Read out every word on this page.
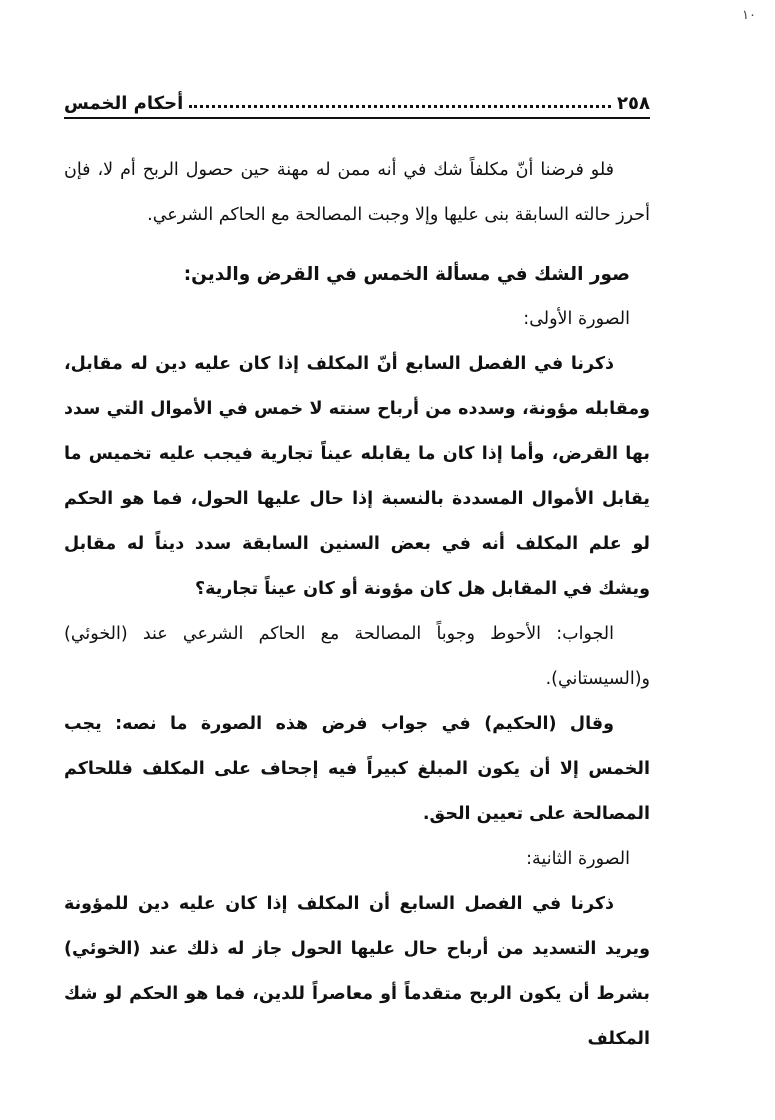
١٠
٢٥٨
أحكام الخمس

فلو فرضنا أنّ مكلفاً شك في أنه ممن له مهنة حين حصول الربح أم لا، فإن أحرز حالته السابقة بنى عليها وإلا وجبت المصالحة مع الحاكم الشرعي.

صور الشك في مسألة الخمس في القرض والدين:

الصورة الأولى:

ذكرنا في الفصل السابع أنّ المكلف إذا كان عليه دين له مقابل، ومقابله مؤونة، وسدده من أرباح سنته لا خمس في الأموال التي سدد بها القرض، وأما إذا كان ما يقابله عيناً تجارية فيجب عليه تخميس ما يقابل الأموال المسددة بالنسبة إذا حال عليها الحول، فما هو الحكم لو علم المكلف أنه في بعض السنين السابقة سدد ديناً له مقابل ويشك في المقابل هل كان مؤونة أو كان عيناً تجارية؟

الجواب: الأحوط وجوباً المصالحة مع الحاكم الشرعي عند (الخوئي) و(السيستاني).

وقال (الحكيم) في جواب فرض هذه الصورة ما نصه: يجب الخمس إلا أن يكون المبلغ كبيراً فيه إجحاف على المكلف فللحاكم المصالحة على تعيين الحق.

الصورة الثانية:

ذكرنا في الفصل السابع أن المكلف إذا كان عليه دين للمؤونة ويريد التسديد من أرباح حال عليها الحول جاز له ذلك عند (الخوئي) بشرط أن يكون الربح متقدماً أو معاصراً للدين، فما هو الحكم لو شك المكلف
